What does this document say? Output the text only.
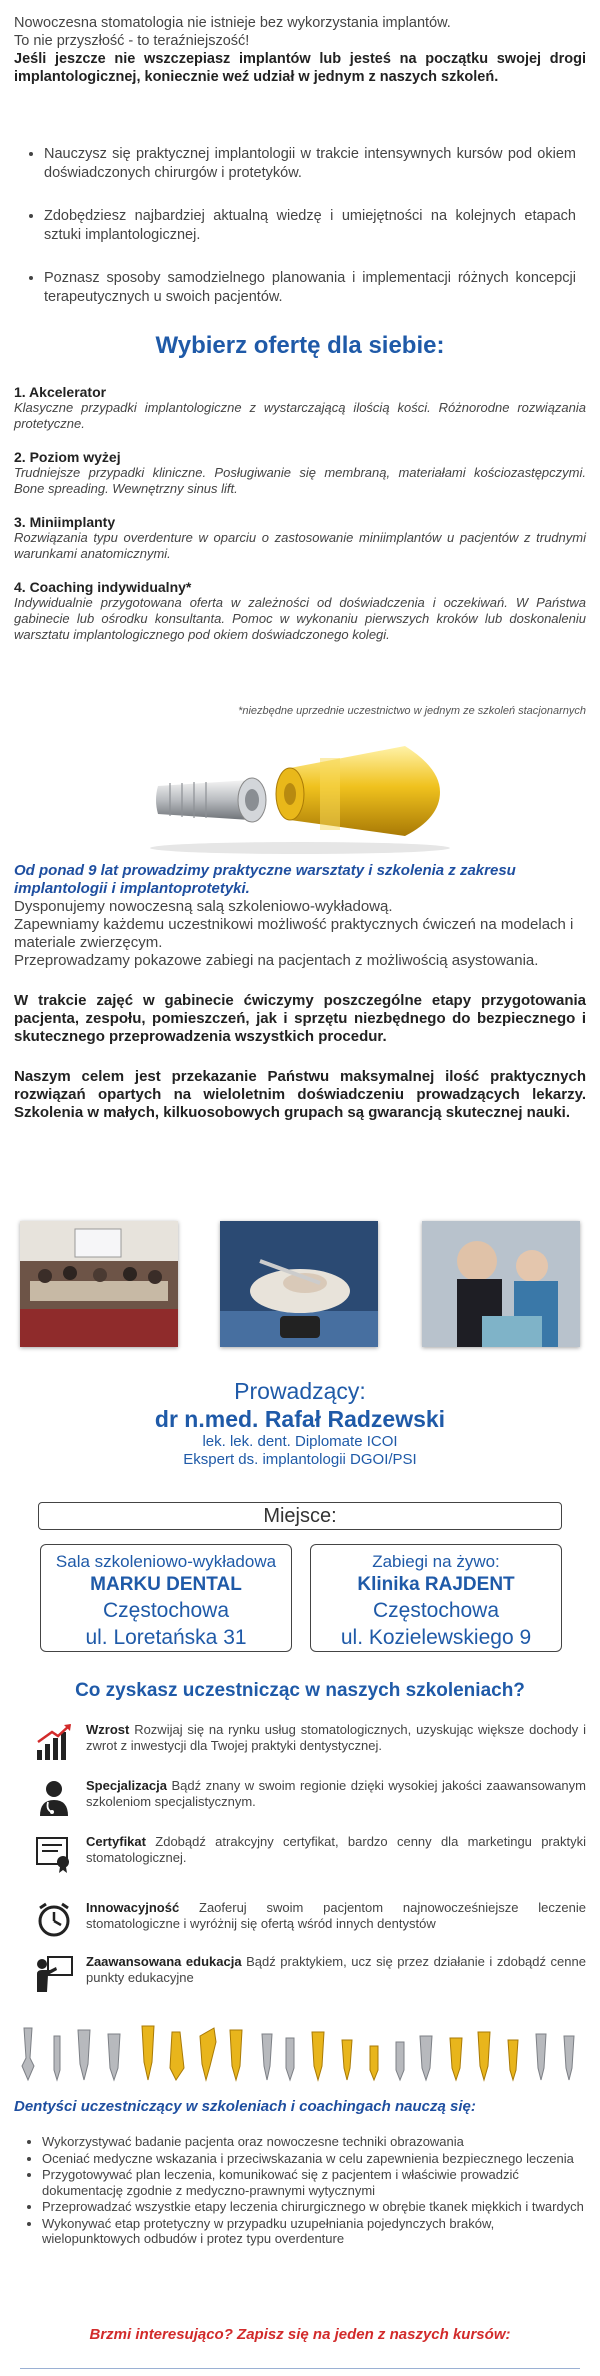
Nowoczesna stomatologia nie istnieje bez wykorzystania implantów.

To nie przyszłość - to teraźniejszość!

Jeśli jeszcze nie wszczepiasz implantów lub jesteś na początku swojej drogi implantologicznej, koniecznie weź udział w jednym z naszych szkoleń.

• Nauczysz się praktycznej implantologii w trakcie intensywnych kursów pod okiem doświadczonych chirurgów i protetyków.
• Zdobędziesz najbardziej aktualną wiedzę i umiejętności na kolejnych etapach sztuki implantologicznej.
• Poznasz sposoby samodzielnego planowania i implementacji różnych koncepcji terapeutycznych u swoich pacjentów.
Wybierz ofertę dla siebie:
1. Akcelerator
Klasyczne przypadki implantologiczne z wystarczającą ilością kości. Różnorodne rozwiązania protetyczne.
2. Poziom wyżej
Trudniejsze przypadki kliniczne. Posługiwanie się membraną, materiałami kościozastępczymi. Bone spreading. Wewnętrzny sinus lift.
3. Miniimplanty
Rozwiązania typu overdenture w oparciu o zastosowanie miniimplantów u pacjentów z trudnymi warunkami anatomicznymi.
4. Coaching indywidualny*
Indywidualnie przygotowana oferta w zależności od doświadczenia i oczekiwań. W Państwa gabinecie lub ośrodku konsultanta. Pomoc w wykonaniu pierwszych kroków lub doskonaleniu warsztatu implantologicznego pod okiem doświadczonego kolegi.
*niezbędne uprzednie uczestnictwo w jednym ze szkoleń stacjonarnych

Od ponad 9 lat prowadzimy praktyczne warsztaty i szkolenia z zakresu implantologii i implantoprotetyki.

Dysponujemy nowoczesną salą szkoleniowo-wykładową.

Zapewniamy każdemu uczestnikowi możliwość praktycznych ćwiczeń na modelach i materiale zwierzęcym.

Przeprowadzamy pokazowe zabiegi na pacjentach z możliwością asystowania.

W trakcie zajęć w gabinecie ćwiczymy poszczególne etapy przygotowania pacjenta, zespołu, pomieszczeń, jak i sprzętu niezbędnego do bezpiecznego i skutecznego przeprowadzenia wszystkich procedur.

Naszym celem jest przekazanie Państwu maksymalnej ilość praktycznych rozwiązań opartych na wieloletnim doświadczeniu prowadzących lekarzy. Szkolenia w małych, kilkuosobowych grupach są gwarancją skutecznej nauki.

Prowadzący:
dr n.med. Rafał Radzewski
lek. lek. dent. Diplomate ICOI
Ekspert ds. implantologii DGOI/PSI
Miejsce:
Sala szkoleniowo-wykładowa
MARKU DENTAL
Częstochowa
ul. Loretańska 31
Zabiegi na żywo:
Klinika RAJDENT
Częstochowa
ul. Kozielewskiego 9
Co zyskasz uczestnicząc w naszych szkoleniach?
Wzrost Rozwijaj się na rynku usług stomatologicznych, uzyskując większe dochody i zwrot z inwestycji dla Twojej praktyki dentystycznej.
Specjalizacja Bądź znany w swoim regionie dzięki wysokiej jakości zaawansowanym szkoleniom specjalistycznym.
Certyfikat Zdobądź atrakcyjny certyfikat, bardzo cenny dla marketingu praktyki stomatologicznej.
Innowacyjność Zaoferuj swoim pacjentom najnowocześniejsze leczenie stomatologiczne i wyróżnij się ofertą wśród innych dentystów
Zaawansowana edukacja Bądź praktykiem, ucz się przez działanie i zdobądź cenne punkty edukacyjne
Dentyści uczestniczący w szkoleniach i coachingach nauczą się:
• Wykorzystywać badanie pacjenta oraz nowoczesne techniki obrazowania
• Oceniać medyczne wskazania i przeciwskazania w celu zapewnienia bezpiecznego leczenia
• Przygotowywać plan leczenia, komunikować się z pacjentem i właściwie prowadzić dokumentację zgodnie z medyczno-prawnymi wytycznymi
• Przeprowadzać wszystkie etapy leczenia chirurgicznego w obrębie tkanek miękkich i twardych
• Wykonywać etap protetyczny w przypadku uzupełniania pojedynczych braków, wielopunktowych odbudów i protez typu overdenture
Brzmi interesująco? Zapisz się na jeden z naszych kursów:
